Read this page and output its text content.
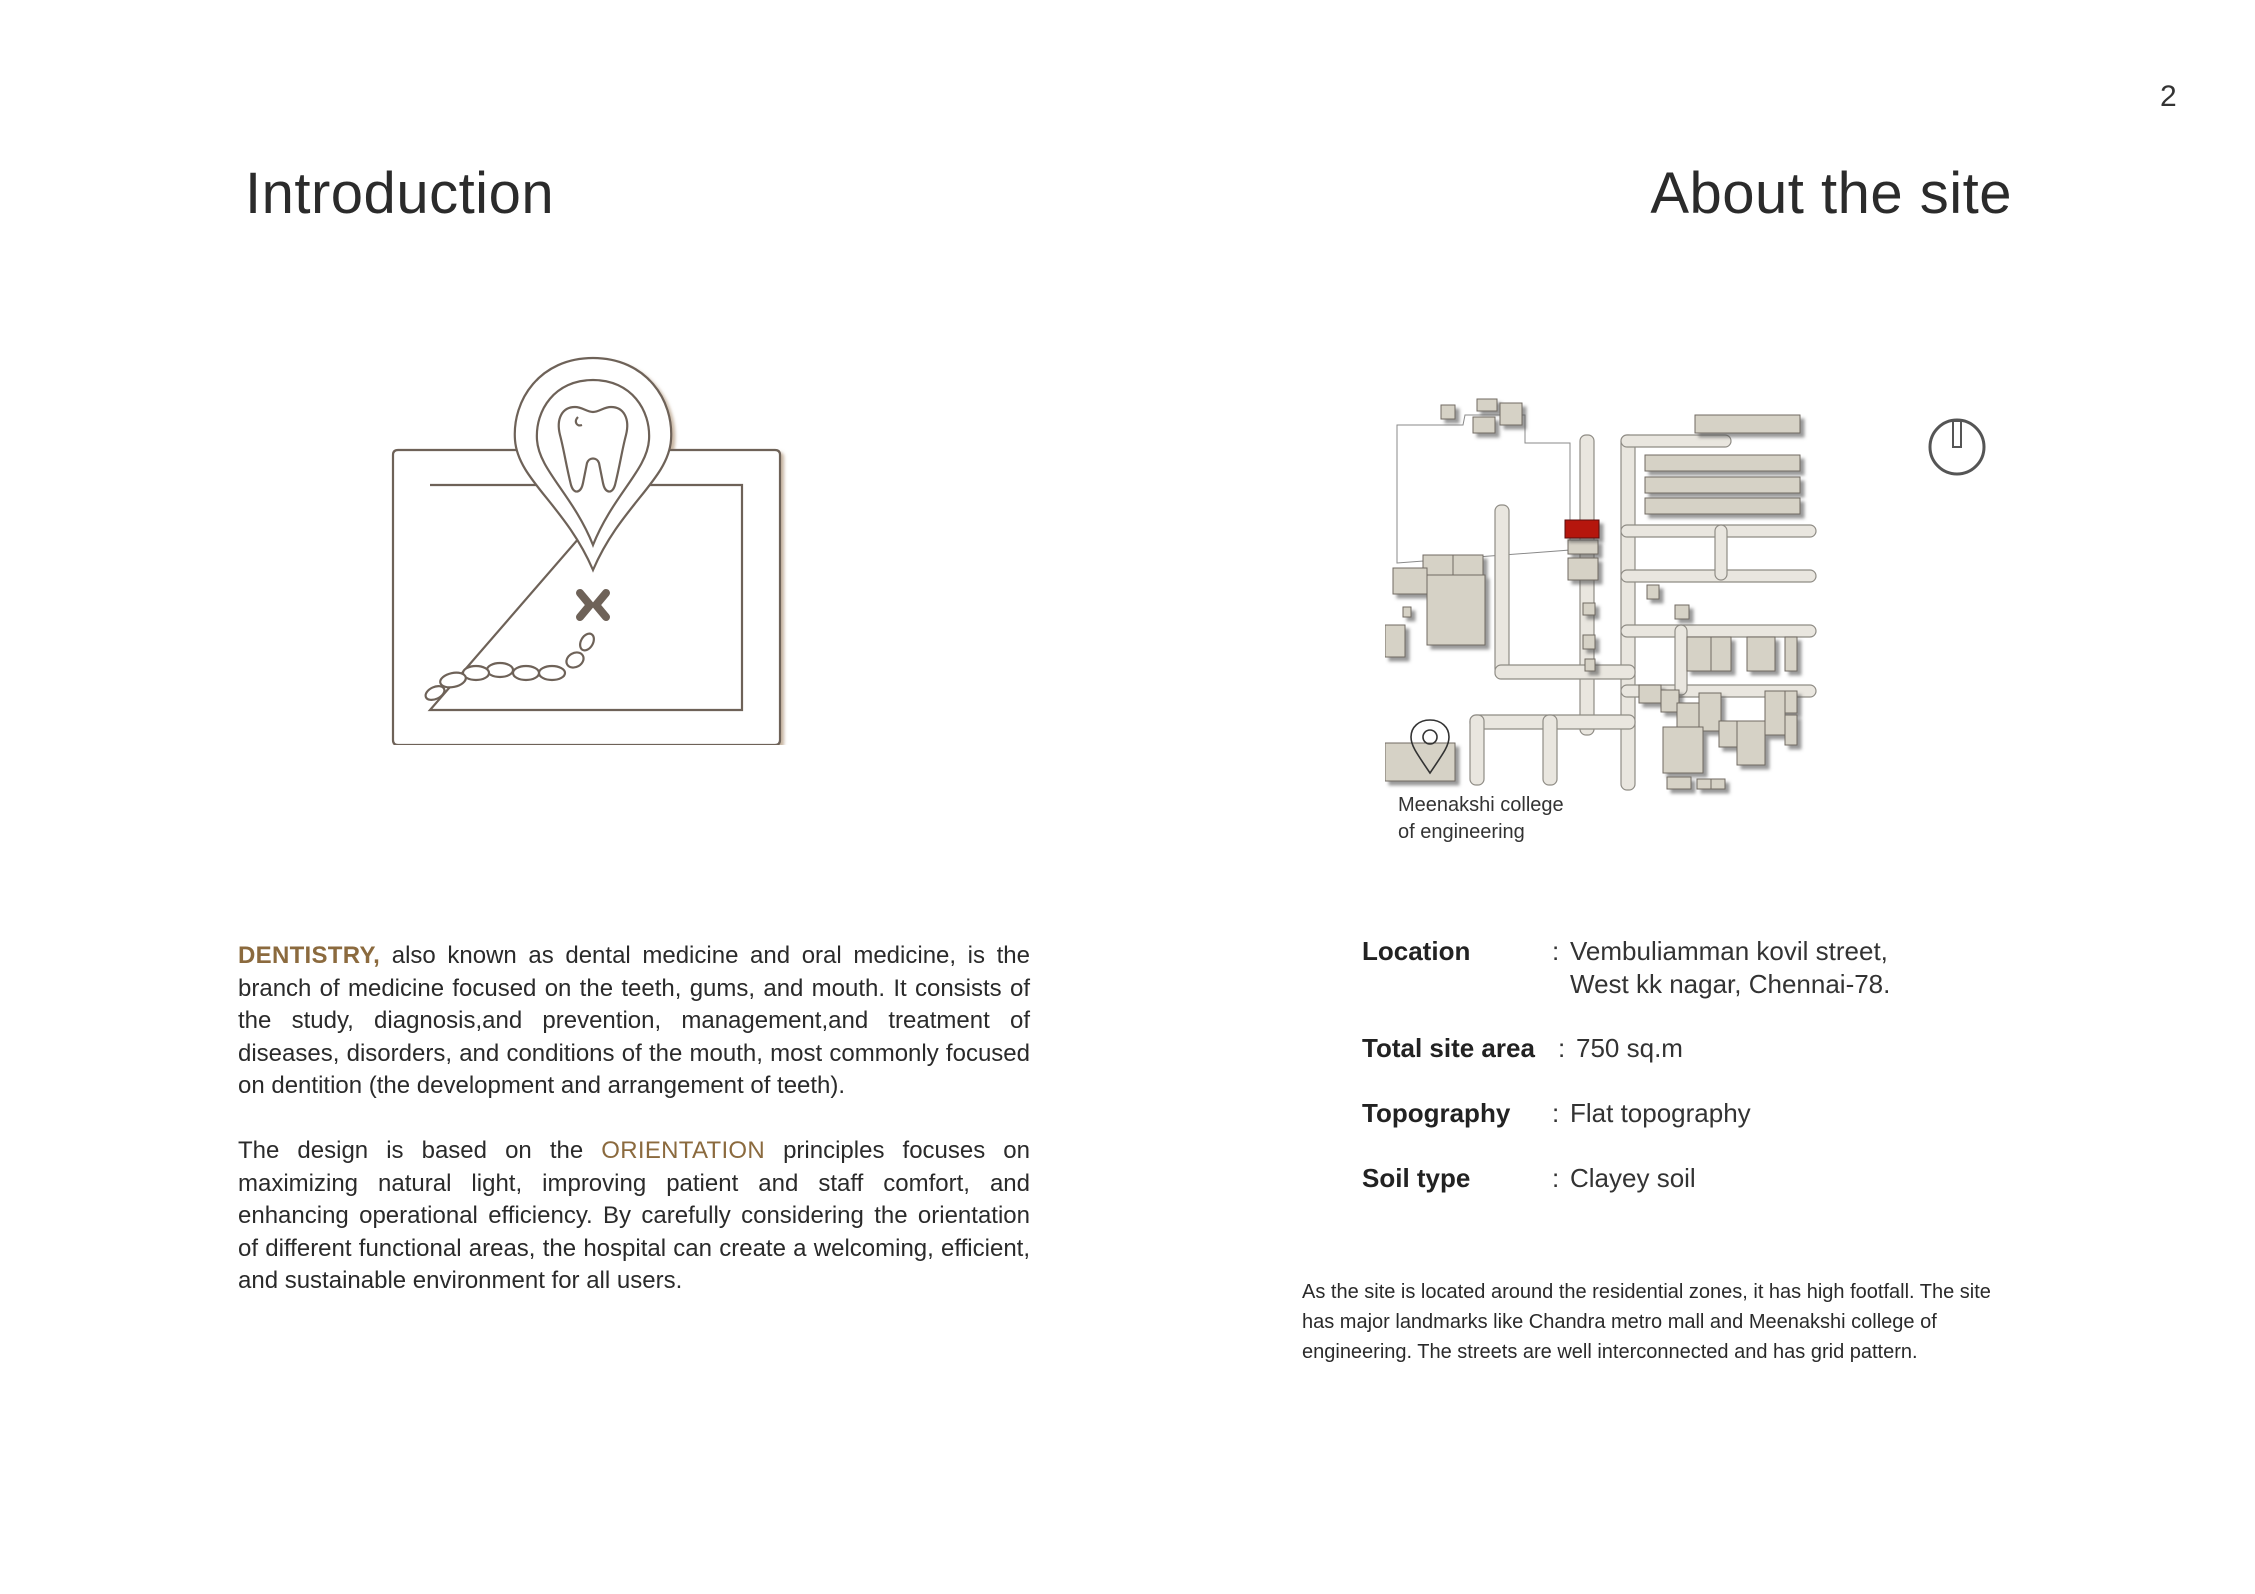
2
Introduction	About the site
Meenakshi college
of engineering

DENTISTRY, also known as dental medicine and oral medicine, is the branch of medicine focused on the teeth, gums, and mouth. It consists of the study, diagnosis,and prevention, management,and treatment of diseases, disorders, and conditions of the mouth, most commonly focused on dentition (the development and arrangement of teeth).

The design is based on the ORIENTATION principles focuses on maximizing natural light, improving patient and staff comfort, and enhancing operational efficiency. By carefully considering the orientation of different functional areas, the hospital can create a welcoming, efficient, and sustainable environment for all users.

Location	: Vembuliamman kovil street,
West kk nagar, Chennai-78.
Total site area : 750 sq.m
Topography	: Flat topography
Soil type	: Clayey soil

As the site is located around the residential zones, it has high footfall. The site has major landmarks like Chandra metro mall and Meenakshi college of engineering. The streets are well interconnected and has grid pattern.
